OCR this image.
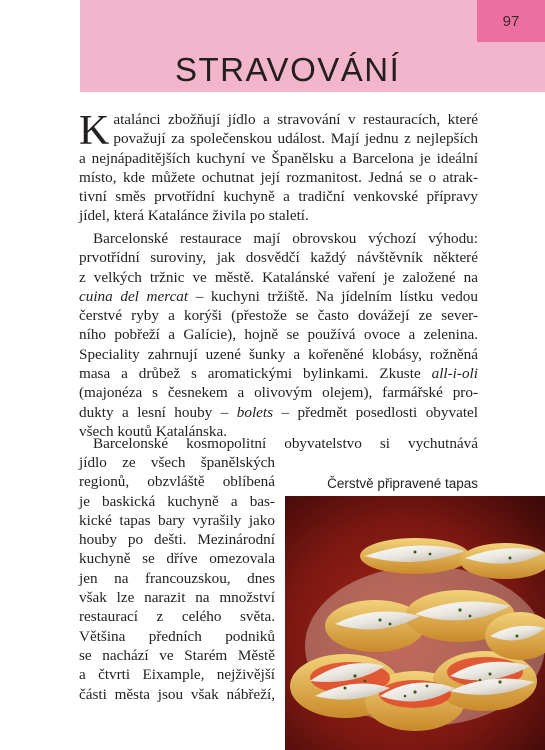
97
STRAVOVÁNÍ
K atalánci zbožňují jídlo a stravování v restauracích, které
považují za společenskou událost. Mají jednu z nejlepších
a nejnápaditějších kuchyní ve Španělsku a Barcelona je ideální
místo, kde můžete ochutnat její rozmanitost. Jedná se o atrak-
tivní směs prvotřídní kuchyně a tradiční venkovské přípravy
jídel, která Katalánce živila po staletí.
Barcelonské restaurace mají obrovskou výchozí výhodu:
prvotřídní suroviny, jak dosvědčí každý návštěvník některé
z velkých tržnic ve městě. Katalánské vaření je založené na
cuina del mercat – kuchyni tržiště. Na jídelním lístku vedou
čerstvé ryby a korýši (přestože se často dovážejí ze sever-
ního pobřeží a Galície), hojně se používá ovoce a zelenina.
Speciality zahrnují uzené šunky a kořeněné klobásy, rožněná
masa a drůbež s aromatickými bylinkami. Zkuste all-i-oli
(majonéza s česnekem a olivovým olejem), farmářské pro-
dukty a lesní houby – bolets – předmět posedlosti obyvatel
všech koutů Katalánska.
Barcelonské kosmopolitní obyvatelstvo si vychutnává
jídlo ze všech španělských
regionů, obzvláště oblíbená
je baskická kuchyně a bas-
kické tapas bary vyrašily jako
houby po dešti. Mezinárodní
kuchyně se dříve omezovala
jen na francouzskou, dnes
však lze narazit na množství
restaurací z celého světa.
Většina předních podniků
se nachází ve Starém Městě
a čtvrti Eixample, nejživější
části města jsou však nábřeží,
Čerstvě připravené tapas
